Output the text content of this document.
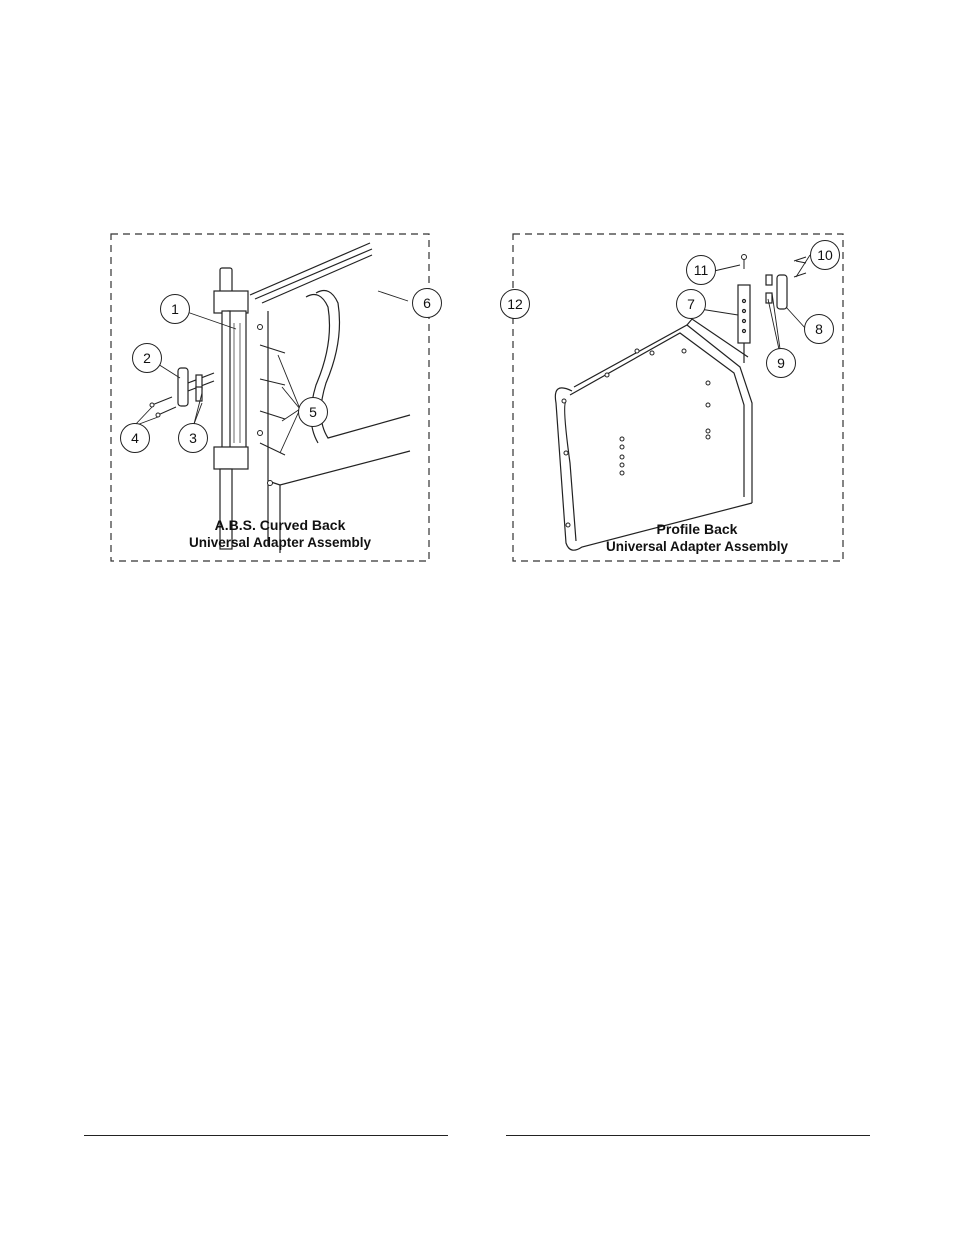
1
2
3
4
5
6
A.B.S. Curved Back
Universal Adapter Assembly
7
8
9
10
11
12
Profile Back
Universal Adapter Assembly
